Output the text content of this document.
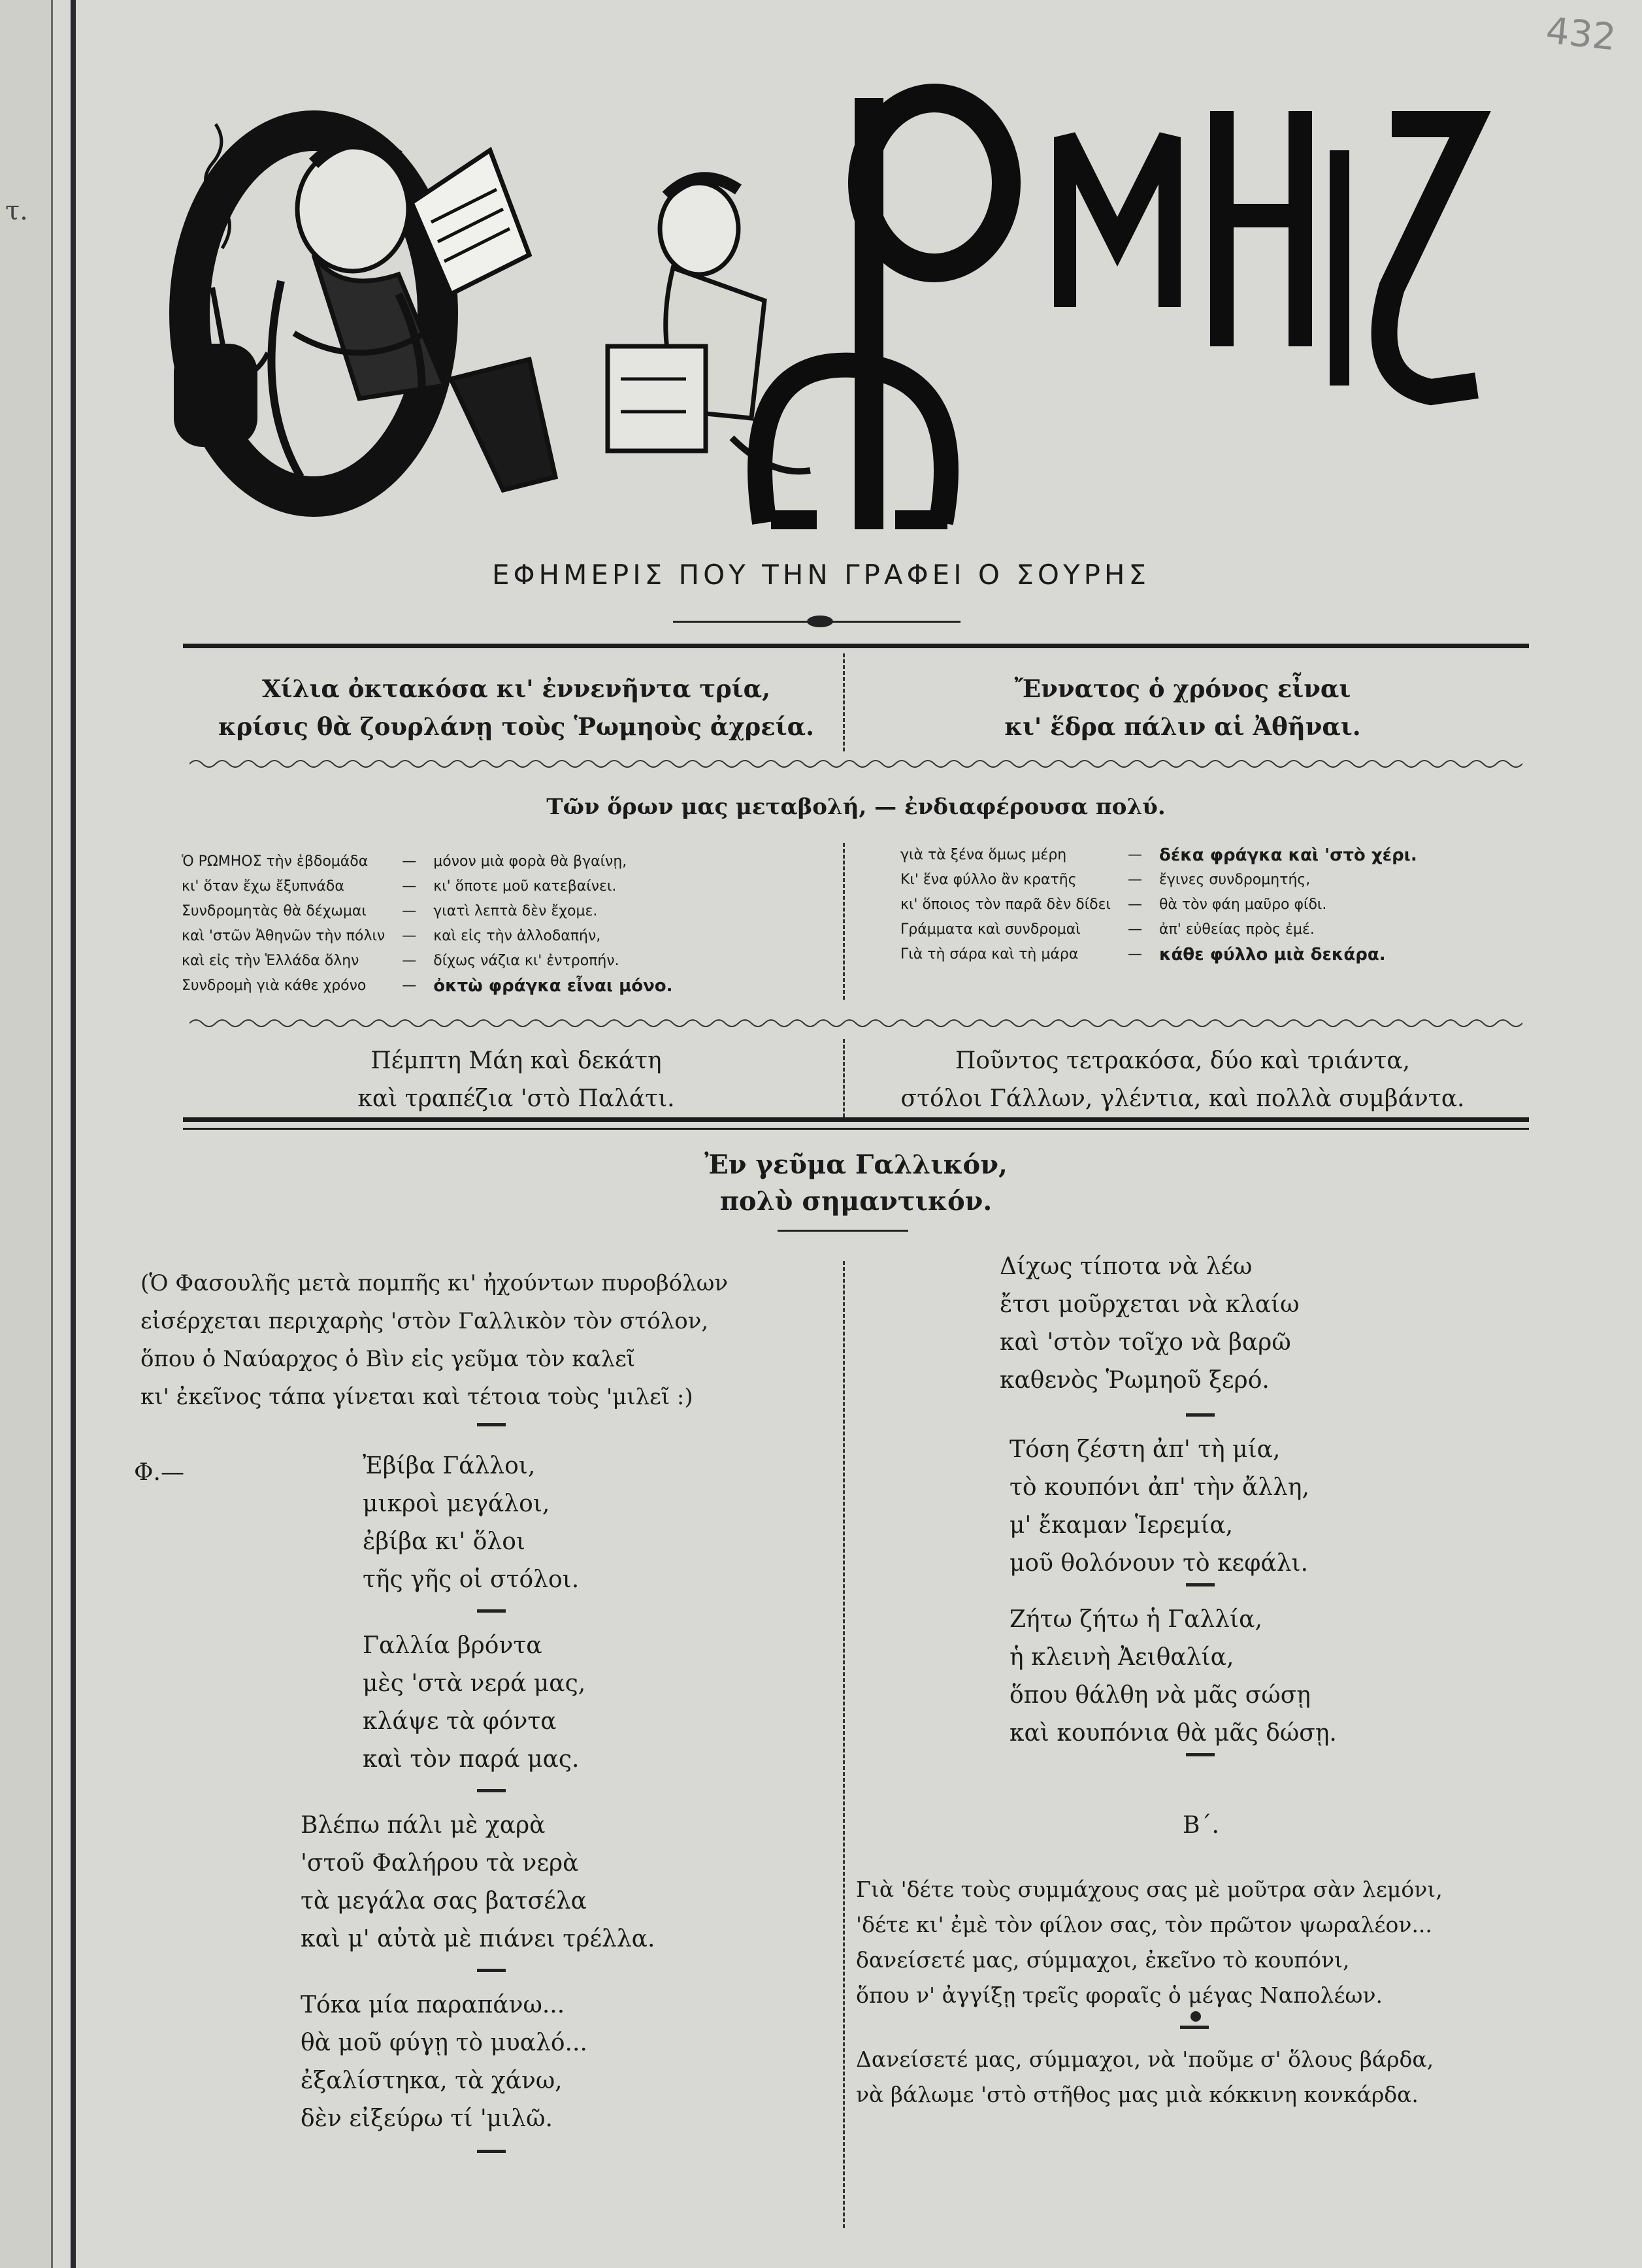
432
τ.
ΕΦΗΜΕΡΙΣ ΠΟΥ ΤΗΝ ΓΡΑΦΕΙ Ο ΣΟΥΡΗΣ
Χίλια ὀκτακόσα κι' ἐννενῆντα τρία,
κρίσις θὰ ζουρλάνῃ τοὺς Ῥωμηοὺς ἀχρεία.
Ἔννατος ὁ χρόνος εἶναι
κι' ἕδρα πάλιν αἱ Ἀθῆναι.
Τῶν ὅρων μας μεταβολή, — ἐνδιαφέρουσα πολύ.
Ὁ ΡΩΜΗΟΣ τὴν ἑβδομάδα	—	μόνον μιὰ φορὰ θὰ βγαίνῃ,
κι' ὅταν ἔχω ἔξυπνάδα	—	κι' ὅποτε μοῦ κατεβαίνει.
Συνδρομητὰς θὰ δέχωμαι	—	γιατὶ λεπτὰ δὲν ἔχομε.
καὶ 'στῶν Ἀθηνῶν τὴν πόλιν	—	καὶ εἰς τὴν ἀλλοδαπήν,
καὶ εἰς τὴν Ἑλλάδα ὅλην	—	δίχως νάζια κι' ἐντροπήν.
Συνδρομὴ γιὰ κάθε χρόνο	—	ὀκτὼ φράγκα εἶναι μόνο.
γιὰ τὰ ξένα ὅμως μέρη	—	δέκα φράγκα καὶ 'στὸ χέρι.
Κι' ἕνα φύλλο ἂν κρατῆς	—	ἔγινες συνδρομητής,
κι' ὅποιος τὸν παρᾶ δὲν δίδει	—	θὰ τὸν φάη μαῦρο φίδι.
Γράμματα καὶ συνδρομαὶ	—	ἀπ' εὐθείας πρὸς ἐμέ.
Γιὰ τὴ σάρα καὶ τὴ μάρα	—	κάθε φύλλο μιὰ δεκάρα.
Πέμπτη Μάη καὶ δεκάτη
καὶ τραπέζια 'στὸ Παλάτι.
Ποῦντος τετρακόσα, δύο καὶ τριάντα,
στόλοι Γάλλων, γλέντια, καὶ πολλὰ συμβάντα.
Ἐν γεῦμα Γαλλικόν,
πολὺ σημαντικόν.
(Ὁ Φασουλῆς μετὰ πομπῆς κι' ἠχούντων πυροβόλων
εἰσέρχεται περιχαρὴς 'στὸν Γαλλικὸν τὸν στόλον,
ὅπου ὁ Ναύαρχος ὁ Βὶν εἰς γεῦμα τὸν καλεῖ
κι' ἐκεῖνος τάπα γίνεται καὶ τέτοια τοὺς 'μιλεῖ :)
Φ.—	Ἐβίβα Γάλλοι,
μικροὶ μεγάλοι,
ἐβίβα κι' ὅλοι
τῆς γῆς οἱ στόλοι.
Γαλλία βρόντα
μὲς 'στὰ νερά μας,
κλάψε τὰ φόντα
καὶ τὸν παρά μας.
Βλέπω πάλι μὲ χαρὰ
'στοῦ Φαλήρου τὰ νερὰ
τὰ μεγάλα σας βατσέλα
καὶ μ' αὐτὰ μὲ πιάνει τρέλλα.
Τόκα μία παραπάνω...
θὰ μοῦ φύγῃ τὸ μυαλό...
ἐξαλίστηκα, τὰ χάνω,
δὲν εἰξεύρω τί 'μιλῶ.
Δίχως τίποτα νὰ λέω
ἔτσι μοῦρχεται νὰ κλαίω
καὶ 'στὸν τοῖχο νὰ βαρῶ
καθενὸς Ῥωμηοῦ ξερό.
Τόση ζέστη ἀπ' τὴ μία,
τὸ κουπόνι ἀπ' τὴν ἄλλη,
μ' ἔκαμαν Ἱερεμία,
μοῦ θολόνουν τὸ κεφάλι.
Ζήτω ζήτω ἡ Γαλλία,
ἡ κλεινὴ Ἀειθαλία,
ὅπου θάλθη νὰ μᾶς σώσῃ
καὶ κουπόνια θὰ μᾶς δώσῃ.
Β΄.
Γιὰ 'δέτε τοὺς συμμάχους σας μὲ μοῦτρα σὰν λεμόνι,
'δέτε κι' ἐμὲ τὸν φίλον σας, τὸν πρῶτον ψωραλέον...
δανείσετέ μας, σύμμαχοι, ἐκεῖνο τὸ κουπόνι,
ὅπου ν' ἀγγίξῃ τρεῖς φοραῖς ὁ μέγας Ναπολέων.
Δανείσετέ μας, σύμμαχοι, νὰ 'ποῦμε σ' ὅλους βάρδα,
νὰ βάλωμε 'στὸ στῆθος μας μιὰ κόκκινη κονκάρδα.
